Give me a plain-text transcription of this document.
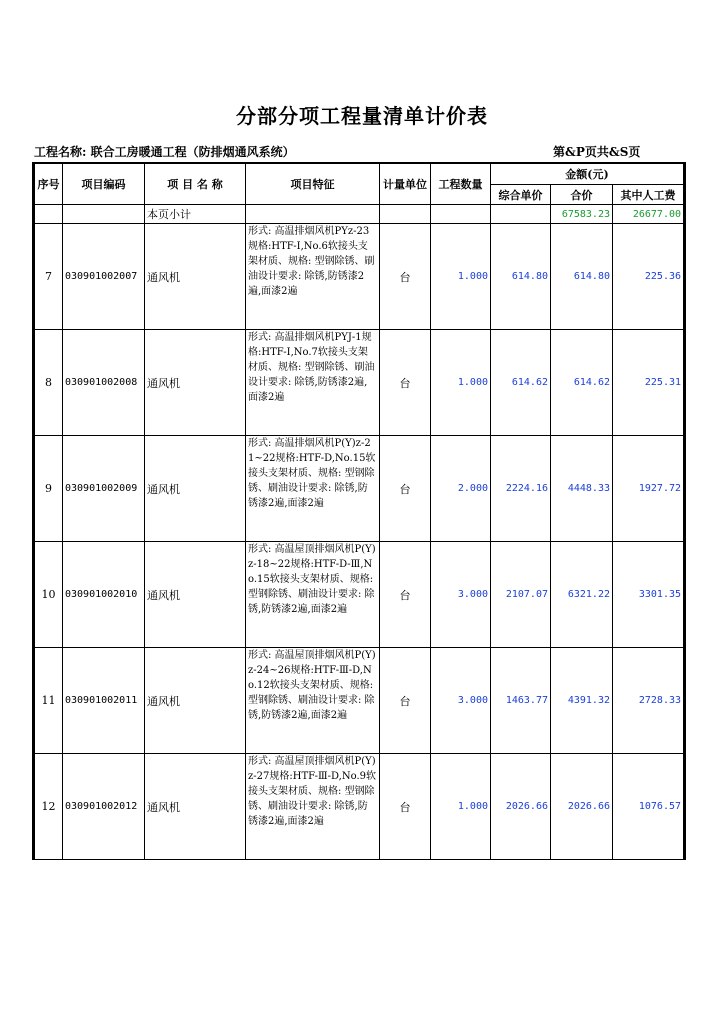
分部分项工程量清单计价表
工程名称: 联合工房暖通工程（防排烟通风系统）	第&P页共&S页
序号	项目编码	项 目 名 称	项目特征	计量单位	工程数量	金额(元)		
						综合单价	合价	其中人工费
		本页小计					67583.23	26677.00
7	030901002007	通风机	形式: 高温排烟风机PYz-23规格:HTF-Ⅰ,No.6软接头支架材质、规格: 型钢除锈、刷油设计要求: 除锈,防锈漆2遍,面漆2遍	台	1.000	614.80	614.80	225.36
8	030901002008	通风机	形式: 高温排烟风机PYJ-1规格:HTF-Ⅰ,No.7软接头支架材质、规格: 型钢除锈、刷油设计要求: 除锈,防锈漆2遍,面漆2遍	台	1.000	614.62	614.62	225.31
9	030901002009	通风机	形式: 高温排烟风机P(Y)z-21~22规格:HTF-D,No.15软接头支架材质、规格: 型钢除锈、刷油设计要求: 除锈,防锈漆2遍,面漆2遍	台	2.000	2224.16	4448.33	1927.72
10	030901002010	通风机	形式: 高温屋顶排烟风机P(Y)z-18~22规格:HTF-D-Ⅲ,No.15软接头支架材质、规格: 型钢除锈、刷油设计要求: 除锈,防锈漆2遍,面漆2遍	台	3.000	2107.07	6321.22	3301.35
11	030901002011	通风机	形式: 高温屋顶排烟风机P(Y)z-24~26规格:HTF-Ⅲ-D,No.12软接头支架材质、规格: 型钢除锈、刷油设计要求: 除锈,防锈漆2遍,面漆2遍	台	3.000	1463.77	4391.32	2728.33
12	030901002012	通风机	形式: 高温屋顶排烟风机P(Y)z-27规格:HTF-Ⅲ-D,No.9软接头支架材质、规格: 型钢除锈、刷油设计要求: 除锈,防锈漆2遍,面漆2遍	台	1.000	2026.66	2026.66	1076.57
